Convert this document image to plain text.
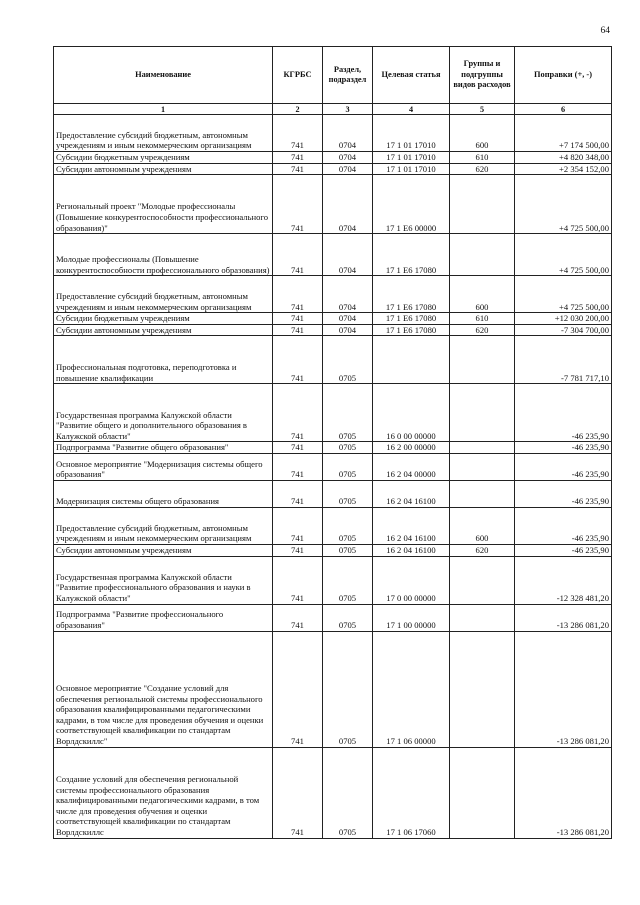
64
Наименование	КГРБС	Раздел, подраздел	Целевая статья	Группы и подгруппы видов расходов	Поправки (+, -)
1	2	3	4	5	6
Предоставление субсидий бюджетным, автономным учреждениям и иным некоммерческим организациям	741	0704	17 1 01 17010	600	+7 174 500,00
Субсидии бюджетным учреждениям	741	0704	17 1 01 17010	610	+4 820 348,00
Субсидии автономным учреждениям	741	0704	17 1 01 17010	620	+2 354 152,00
Региональный проект "Молодые профессионалы (Повышение конкурентоспособности профессионального образования)"	741	0704	17 1 E6 00000		+4 725 500,00
Молодые профессионалы (Повышение конкурентоспособности профессионального образования)	741	0704	17 1 E6 17080		+4 725 500,00
Предоставление субсидий бюджетным, автономным учреждениям и иным некоммерческим организациям	741	0704	17 1 E6 17080	600	+4 725 500,00
Субсидии бюджетным учреждениям	741	0704	17 1 E6 17080	610	+12 030 200,00
Субсидии автономным учреждениям	741	0704	17 1 E6 17080	620	-7 304 700,00
Профессиональная подготовка, переподготовка и повышение квалификации	741	0705			-7 781 717,10
Государственная программа Калужской области "Развитие общего и дополнительного образования в Калужской области"	741	0705	16 0 00 00000		-46 235,90
Подпрограмма "Развитие общего образования"	741	0705	16 2 00 00000		-46 235,90
Основное мероприятие "Модернизация системы общего образования"	741	0705	16 2 04 00000		-46 235,90
Модернизация системы общего образования	741	0705	16 2 04 16100		-46 235,90
Предоставление субсидий бюджетным, автономным учреждениям и иным некоммерческим организациям	741	0705	16 2 04 16100	600	-46 235,90
Субсидии автономным учреждениям	741	0705	16 2 04 16100	620	-46 235,90
Государственная программа Калужской области "Развитие профессионального образования и науки в Калужской области"	741	0705	17 0 00 00000		-12 328 481,20
Подпрограмма "Развитие профессионального образования"	741	0705	17 1 00 00000		-13 286 081,20
Основное мероприятие "Создание условий для обеспечения региональной системы профессионального образования квалифицированными педагогическими кадрами, в том числе для проведения обучения и оценки соответствующей квалификации по стандартам Ворлдскиллс"	741	0705	17 1 06 00000		-13 286 081,20
Создание условий для обеспечения региональной системы профессионального образования квалифицированными педагогическими кадрами, в том числе для проведения обучения и оценки соответствующей квалификации по стандартам Ворлдскиллс	741	0705	17 1 06 17060		-13 286 081,20
